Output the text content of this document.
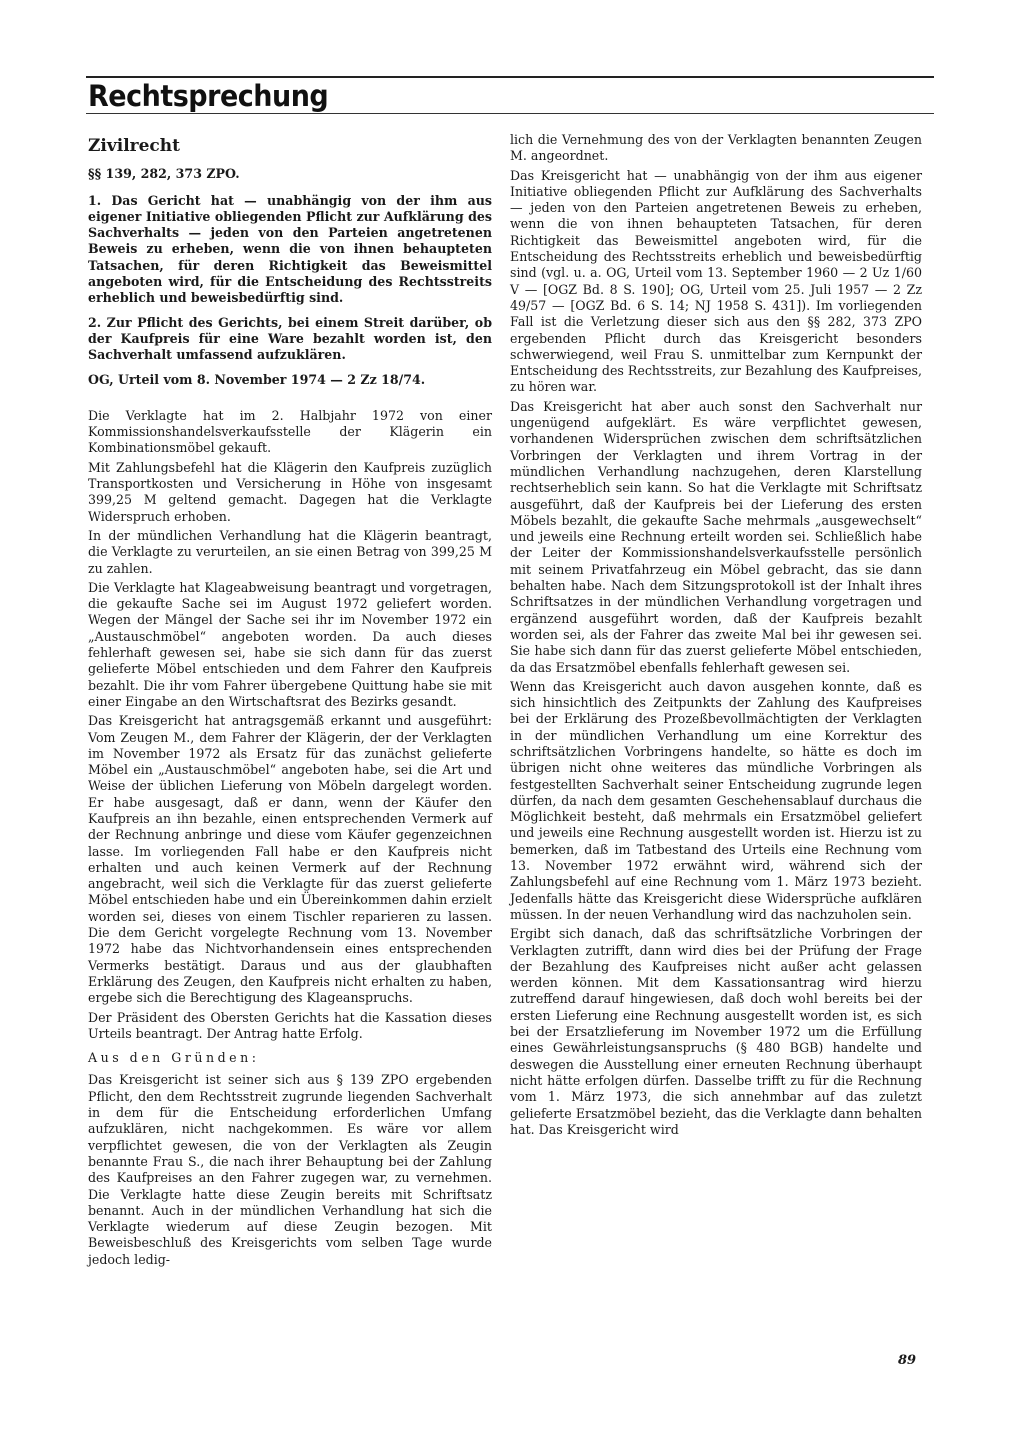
Rechtsprechung

Zivilrecht

§§ 139, 282, 373 ZPO.

1. Das Gericht hat — unabhängig von der ihm aus eigener Initiative obliegenden Pflicht zur Aufklärung des Sachverhalts — jeden von den Parteien angetretenen Beweis zu erheben, wenn die von ihnen behaupteten Tatsachen, für deren Richtigkeit das Beweismittel angeboten wird, für die Entscheidung des Rechtsstreits erheblich und beweisbedürftig sind.

2. Zur Pflicht des Gerichts, bei einem Streit darüber, ob der Kaufpreis für eine Ware bezahlt worden ist, den Sachverhalt umfassend aufzuklären.

OG, Urteil vom 8. November 1974 — 2 Zz 18/74.

Die Verklagte hat im 2. Halbjahr 1972 von einer Kommissionshandelsverkaufsstelle der Klägerin ein Kombinationsmöbel gekauft.

Mit Zahlungsbefehl hat die Klägerin den Kaufpreis zuzüglich Transportkosten und Versicherung in Höhe von insgesamt 399,25 M geltend gemacht. Dagegen hat die Verklagte Widerspruch erhoben.

In der mündlichen Verhandlung hat die Klägerin beantragt, die Verklagte zu verurteilen, an sie einen Betrag von 399,25 M zu zahlen.

Die Verklagte hat Klageabweisung beantragt und vorgetragen, die gekaufte Sache sei im August 1972 geliefert worden. Wegen der Mängel der Sache sei ihr im November 1972 ein „Austauschmöbel“ angeboten worden. Da auch dieses fehlerhaft gewesen sei, habe sie sich dann für das zuerst gelieferte Möbel entschieden und dem Fahrer den Kaufpreis bezahlt. Die ihr vom Fahrer übergebene Quittung habe sie mit einer Eingabe an den Wirtschaftsrat des Bezirks gesandt.

Das Kreisgericht hat antragsgemäß erkannt und ausgeführt: Vom Zeugen M., dem Fahrer der Klägerin, der der Verklagten im November 1972 als Ersatz für das zunächst gelieferte Möbel ein „Austauschmöbel“ angeboten habe, sei die Art und Weise der üblichen Lieferung von Möbeln dargelegt worden. Er habe ausgesagt, daß er dann, wenn der Käufer den Kaufpreis an ihn bezahle, einen entsprechenden Vermerk auf der Rechnung anbringe und diese vom Käufer gegenzeichnen lasse. Im vorliegenden Fall habe er den Kaufpreis nicht erhalten und auch keinen Vermerk auf der Rechnung angebracht, weil sich die Verklagte für das zuerst gelieferte Möbel entschieden habe und ein Übereinkommen dahin erzielt worden sei, dieses von einem Tischler reparieren zu lassen. Die dem Gericht vorgelegte Rechnung vom 13. November 1972 habe das Nichtvorhandensein eines entsprechenden Vermerks bestätigt. Daraus und aus der glaubhaften Erklärung des Zeugen, den Kaufpreis nicht erhalten zu haben, ergebe sich die Berechtigung des Klageanspruchs.

Der Präsident des Obersten Gerichts hat die Kassation dieses Urteils beantragt. Der Antrag hatte Erfolg.

Aus den Gründen:

Das Kreisgericht ist seiner sich aus § 139 ZPO ergebenden Pflicht, den dem Rechtsstreit zugrunde liegenden Sachverhalt in dem für die Entscheidung erforderlichen Umfang aufzuklären, nicht nachgekommen. Es wäre vor allem verpflichtet gewesen, die von der Verklagten als Zeugin benannte Frau S., die nach ihrer Behauptung bei der Zahlung des Kaufpreises an den Fahrer zugegen war, zu vernehmen. Die Verklagte hatte diese Zeugin bereits mit Schriftsatz benannt. Auch in der mündlichen Verhandlung hat sich die Verklagte wiederum auf diese Zeugin bezogen. Mit Beweisbeschluß des Kreisgerichts vom selben Tage wurde jedoch ledig-

lich die Vernehmung des von der Verklagten benannten Zeugen M. angeordnet.

Das Kreisgericht hat — unabhängig von der ihm aus eigener Initiative obliegenden Pflicht zur Aufklärung des Sachverhalts — jeden von den Parteien angetretenen Beweis zu erheben, wenn die von ihnen behaupteten Tatsachen, für deren Richtigkeit das Beweismittel angeboten wird, für die Entscheidung des Rechtsstreits erheblich und beweisbedürftig sind (vgl. u. a. OG, Urteil vom 13. September 1960 — 2 Uz 1/60 V — [OGZ Bd. 8 S. 190]; OG, Urteil vom 25. Juli 1957 — 2 Zz 49/57 — [OGZ Bd. 6 S. 14; NJ 1958 S. 431]). Im vorliegenden Fall ist die Verletzung dieser sich aus den §§ 282, 373 ZPO ergebenden Pflicht durch das Kreisgericht besonders schwerwiegend, weil Frau S. unmittelbar zum Kernpunkt der Entscheidung des Rechtsstreits, zur Bezahlung des Kaufpreises, zu hören war.

Das Kreisgericht hat aber auch sonst den Sachverhalt nur ungenügend aufgeklärt. Es wäre verpflichtet gewesen, vorhandenen Widersprüchen zwischen dem schriftsätzlichen Vorbringen der Verklagten und ihrem Vortrag in der mündlichen Verhandlung nachzugehen, deren Klarstellung rechtserheblich sein kann. So hat die Verklagte mit Schriftsatz ausgeführt, daß der Kaufpreis bei der Lieferung des ersten Möbels bezahlt, die gekaufte Sache mehrmals „ausgewechselt“ und jeweils eine Rechnung erteilt worden sei. Schließlich habe der Leiter der Kommissionshandelsverkaufsstelle persönlich mit seinem Privatfahrzeug ein Möbel gebracht, das sie dann behalten habe. Nach dem Sitzungsprotokoll ist der Inhalt ihres Schriftsatzes in der mündlichen Verhandlung vorgetragen und ergänzend ausgeführt worden, daß der Kaufpreis bezahlt worden sei, als der Fahrer das zweite Mal bei ihr gewesen sei. Sie habe sich dann für das zuerst gelieferte Möbel entschieden, da das Ersatzmöbel ebenfalls fehlerhaft gewesen sei.

Wenn das Kreisgericht auch davon ausgehen konnte, daß es sich hinsichtlich des Zeitpunkts der Zahlung des Kaufpreises bei der Erklärung des Prozeßbevollmächtigten der Verklagten in der mündlichen Verhandlung um eine Korrektur des schriftsätzlichen Vorbringens handelte, so hätte es doch im übrigen nicht ohne weiteres das mündliche Vorbringen als festgestellten Sachverhalt seiner Entscheidung zugrunde legen dürfen, da nach dem gesamten Geschehensablauf durchaus die Möglichkeit besteht, daß mehrmals ein Ersatzmöbel geliefert und jeweils eine Rechnung ausgestellt worden ist. Hierzu ist zu bemerken, daß im Tatbestand des Urteils eine Rechnung vom 13. November 1972 erwähnt wird, während sich der Zahlungsbefehl auf eine Rechnung vom 1. März 1973 bezieht. Jedenfalls hätte das Kreisgericht diese Widersprüche aufklären müssen. In der neuen Verhandlung wird das nachzuholen sein.

Ergibt sich danach, daß das schriftsätzliche Vorbringen der Verklagten zutrifft, dann wird dies bei der Prüfung der Frage der Bezahlung des Kaufpreises nicht außer acht gelassen werden können. Mit dem Kassationsantrag wird hierzu zutreffend darauf hingewiesen, daß doch wohl bereits bei der ersten Lieferung eine Rechnung ausgestellt worden ist, es sich bei der Ersatzlieferung im November 1972 um die Erfüllung eines Gewährleistungsanspruchs (§ 480 BGB) handelte und deswegen die Ausstellung einer erneuten Rechnung überhaupt nicht hätte erfolgen dürfen. Dasselbe trifft zu für die Rechnung vom 1. März 1973, die sich annehmbar auf das zuletzt gelieferte Ersatzmöbel bezieht, das die Verklagte dann behalten hat. Das Kreisgericht wird

89
